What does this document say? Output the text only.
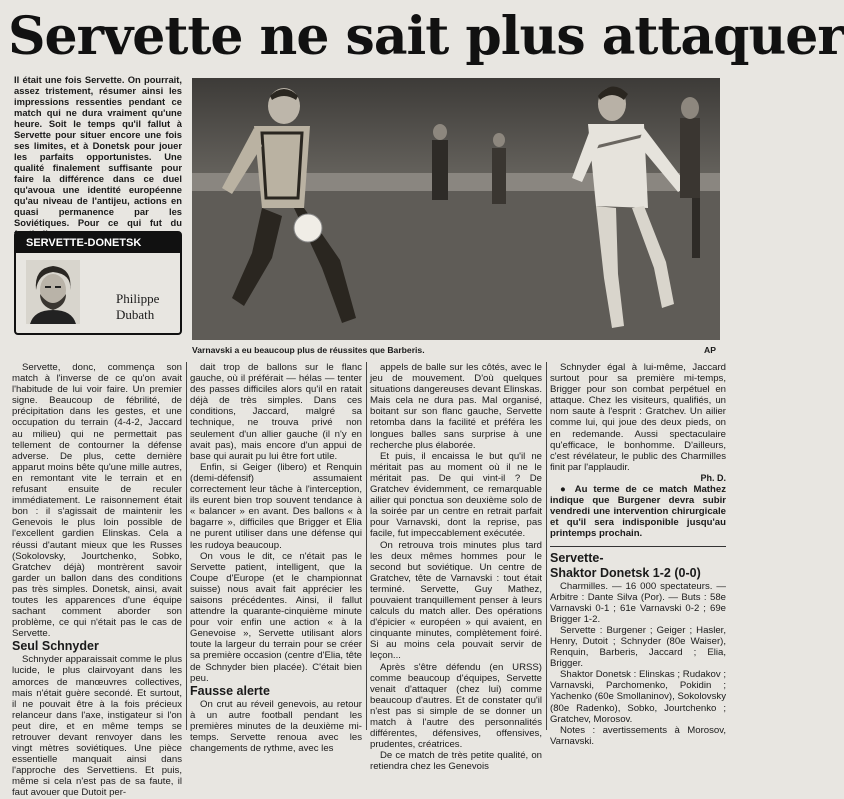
Servette ne sait plus attaquer
Il était une fois Servette. On pourrait, assez tristement, résumer ainsi les impressions ressenties pendant ce match qui ne dura vraiment qu'une heure. Soit le temps qu'il fallut à Servette pour situer encore une fois ses limites, et à Donetsk pour jouer les parfaits opportunistes. Une qualité finalement suffisante pour faire la différence dans ce duel qu'avoua une identité européenne qu'au niveau de l'antijeu, actions en quasi permanence par les Soviétiques. Pour ce qui fut du
SERVETTE-DONETSK
Philippe
Dubath
Varnavski a eu beaucoup plus de réussites que Barberis.	AP

Servette, donc, commença son match à l'inverse de ce qu'on avait l'habitude de lui voir faire. Un premier signe. Beaucoup de fébrilité, de précipitation dans les gestes, et une occupation du terrain (4-4-2, Jaccard au milieu) qui ne permettait pas tellement de contourner la défense adverse. De plus, cette dernière apparut moins bête qu'une mille autres, en remontant vite le terrain et en refusant ensuite de reculer immédiatement. Le raisonnement était bon : il s'agissait de maintenir les Genevois le plus loin possible de l'excellent gardien Elinskas. Cela a réussi d'autant mieux que les Russes (Sokolovsky, Jourtchenko, Sobko, Gratchev déjà) montrèrent savoir garder un ballon dans des conditions pas très simples. Donetsk, ainsi, avait toutes les apparences d'une équipe sachant comment aborder son problème, ce qui n'était pas le cas de Servette.

Seul Schnyder

Schnyder apparaissait comme le plus lucide, le plus clairvoyant dans les amorces de manœuvres collectives, mais n'était guère secondé. Et surtout, il ne pouvait être à la fois précieux relanceur dans l'axe, instigateur si l'on peut dire, et en même temps se retrouver devant renvoyer dans les vingt mètres soviétiques. Une pièce essentielle manquait ainsi dans l'approche des Servettiens. Et puis, même si cela n'est pas de sa faute, il faut avouer que Dutoit per-

dait trop de ballons sur le flanc gauche, où il préférait — hélas — tenter des passes difficiles alors qu'il en ratait déjà de très simples. Dans ces conditions, Jaccard, malgré sa technique, ne trouva privé non seulement d'un allier gauche (il n'y en avait pas), mais encore d'un appui de base qui aurait pu lui être fort utile.

Enfin, si Geiger (libero) et Renquin (demi-défensif) assumaient correctement leur tâche à l'interception, ils eurent bien trop souvent tendance à « balancer » en avant. Des ballons « à bagarre », difficiles que Brigger et Elia ne purent utiliser dans une défense qui les rudoya beaucoup.

On vous le dit, ce n'était pas le Servette patient, intelligent, que la Coupe d'Europe (et le championnat suisse) nous avait fait apprécier les saisons précédentes. Ainsi, il fallut attendre la quarante-cinquième minute pour voir enfin une action « à la Genevoise », Servette utilisant alors toute la largeur du terrain pour se créer sa première occasion (centre d'Elia, tête de Schnyder bien placée). C'était bien peu.

Fausse alerte

On crut au réveil genevois, au retour à un autre football pendant les premières minutes de la deuxième mi-temps. Servette renoua avec les changements de rythme, avec les

appels de balle sur les côtés, avec le jeu de mouvement. D'où quelques situations dangereuses devant Elinskas. Mais cela ne dura pas. Mal organisé, boitant sur son flanc gauche, Servette retomba dans la facilité et préféra les longues balles sans surprise à une recherche plus élaborée.

Et puis, il encaissa le but qu'il ne méritait pas au moment où il ne le méritait pas. De qui vint-il ? De Gratchev évidemment, ce remarquable ailier qui ponctua son deuxième solo de la soirée par un centre en retrait parfait pour Varnavski, dont la reprise, pas facile, fut impeccablement exécutée.

On retrouva trois minutes plus tard les deux mêmes hommes pour le second but soviétique. Un centre de Gratchev, tête de Varnavski : tout était terminé. Servette, Guy Mathez, pouvaient tranquillement penser à leurs calculs du match aller. Des opérations d'épicier « européen » qui avaient, en cinquante minutes, complètement foiré. Si au moins cela pouvait servir de leçon...

Après s'être défendu (en URSS) comme beaucoup d'équipes, Servette venait d'attaquer (chez lui) comme beaucoup d'autres. Et de constater qu'il n'est pas si simple de se donner un match à l'autre des personnalités différentes, défensives, offensives, prudentes, créatrices.

De ce match de très petite qualité, on retiendra chez les Genevois

Schnyder égal à lui-même, Jaccard surtout pour sa première mi-temps, Brigger pour son combat perpétuel en attaque. Chez les visiteurs, qualifiés, un nom saute à l'esprit : Gratchev. Un ailier comme lui, qui joue des deux pieds, on en redemande. Aussi spectaculaire qu'efficace, le bonhomme. D'ailleurs, c'est révélateur, le public des Charmilles finit par l'applaudir.

Ph. D.

● Au terme de ce match Mathez indique que Burgener devra subir vendredi une intervention chirurgicale et qu'il sera indisponible jusqu'au printemps prochain.

Servette-
Shaktor Donetsk 1-2 (0-0)

Charmilles. — 16 000 spectateurs. — Arbitre : Dante Silva (Por). — Buts : 58e Varnavski 0-1 ; 61e Varnavski 0-2 ; 69e Brigger 1-2.

Servette : Burgener ; Geiger ; Hasler, Henry, Dutoit ; Schnyder (80e Waiser), Renquin, Barberis, Jaccard ; Elia, Brigger.

Shaktor Donetsk : Elinskas ; Rudakov ; Varnavski, Parchomenko, Pokidin ; Yachenko (60e Smollaninov), Sokolovsky (80e Radenko), Sobko, Jourtchenko ; Gratchev, Morosov.

Notes : avertissements à Morosov, Varnavski.
